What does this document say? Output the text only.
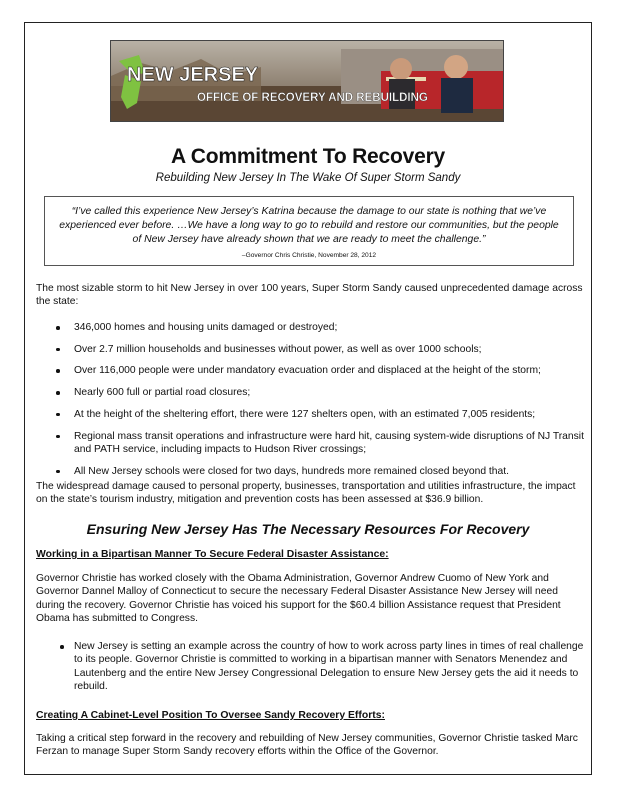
NEW JERSEY
OFFICE OF RECOVERY AND REBUILDING
A Commitment To Recovery
Rebuilding New Jersey In The Wake Of Super Storm Sandy
“I’ve called this experience New Jersey’s Katrina because the damage to our state is nothing that we’ve experienced ever before. …We have a long way to go to rebuild and restore our communities, but the people of New Jersey have already shown that we are ready to meet the challenge.”
–Governor Chris Christie, November 28, 2012
The most sizable storm to hit New Jersey in over 100 years, Super Storm Sandy caused unprecedented damage across the state:
346,000 homes and housing units damaged or destroyed;
Over 2.7 million households and businesses without power, as well as over 1000 schools;
Over 116,000 people were under mandatory evacuation order and displaced at the height of the storm;
Nearly 600 full or partial road closures;
At the height of the sheltering effort, there were 127 shelters open, with an estimated 7,005 residents;
Regional mass transit operations and infrastructure were hard hit, causing system-wide disruptions of NJ Transit and PATH service, including impacts to Hudson River crossings;
All New Jersey schools were closed for two days, hundreds more remained closed beyond that.
The widespread damage caused to personal property, businesses, transportation and utilities infrastructure, the impact on the state’s tourism industry, mitigation and prevention costs has been assessed at $36.9 billion.
Ensuring New Jersey Has The Necessary Resources For Recovery
Working in a Bipartisan Manner To Secure Federal Disaster Assistance:
Governor Christie has worked closely with the Obama Administration, Governor Andrew Cuomo of New York and Governor Dannel Malloy of Connecticut to secure the necessary Federal Disaster Assistance New Jersey will need during the recovery. Governor Christie has voiced his support for the $60.4 billion Assistance request that President Obama has submitted to Congress.
New Jersey is setting an example across the country of how to work across party lines in times of real challenge to its people. Governor Christie is committed to working in a bipartisan manner with Senators Menendez and Lautenberg and the entire New Jersey Congressional Delegation to ensure New Jersey gets the aid it needs to rebuild.
Creating A Cabinet-Level Position To Oversee Sandy Recovery Efforts:
Taking a critical step forward in the recovery and rebuilding of New Jersey communities, Governor Christie tasked Marc Ferzan to manage Super Storm Sandy recovery efforts within the Office of the Governor.
